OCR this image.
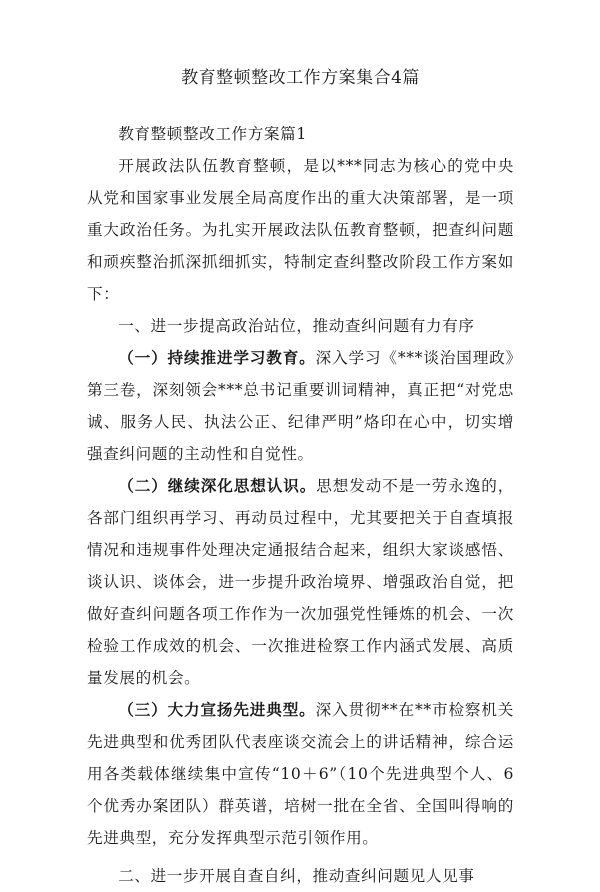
教育整顿整改工作方案集合4篇

教育整顿整改工作方案篇1

开展政法队伍教育整顿，是以***同志为核心的党中央从党和国家事业发展全局高度作出的重大决策部署，是一项重大政治任务。为扎实开展政法队伍教育整顿，把查纠问题和顽疾整治抓深抓细抓实，特制定查纠整改阶段工作方案如下：

一、进一步提高政治站位，推动查纠问题有力有序

（一）持续推进学习教育。深入学习《***谈治国理政》第三卷，深刻领会***总书记重要训词精神，真正把“对党忠诚、服务人民、执法公正、纪律严明”烙印在心中，切实增强查纠问题的主动性和自觉性。

（二）继续深化思想认识。思想发动不是一劳永逸的，各部门组织再学习、再动员过程中，尤其要把关于自查填报情况和违规事件处理决定通报结合起来，组织大家谈感悟、谈认识、谈体会，进一步提升政治境界、增强政治自觉，把做好查纠问题各项工作作为一次加强党性锤炼的机会、一次检验工作成效的机会、一次推进检察工作内涵式发展、高质量发展的机会。

（三）大力宣扬先进典型。深入贯彻**在**市检察机关先进典型和优秀团队代表座谈交流会上的讲话精神，综合运用各类载体继续集中宣传“10＋6”（10个先进典型个人、6个优秀办案团队）群英谱，培树一批在全省、全国叫得响的先进典型，充分发挥典型示范引领作用。

二、进一步开展自查自纠，推动查纠问题见人见事
